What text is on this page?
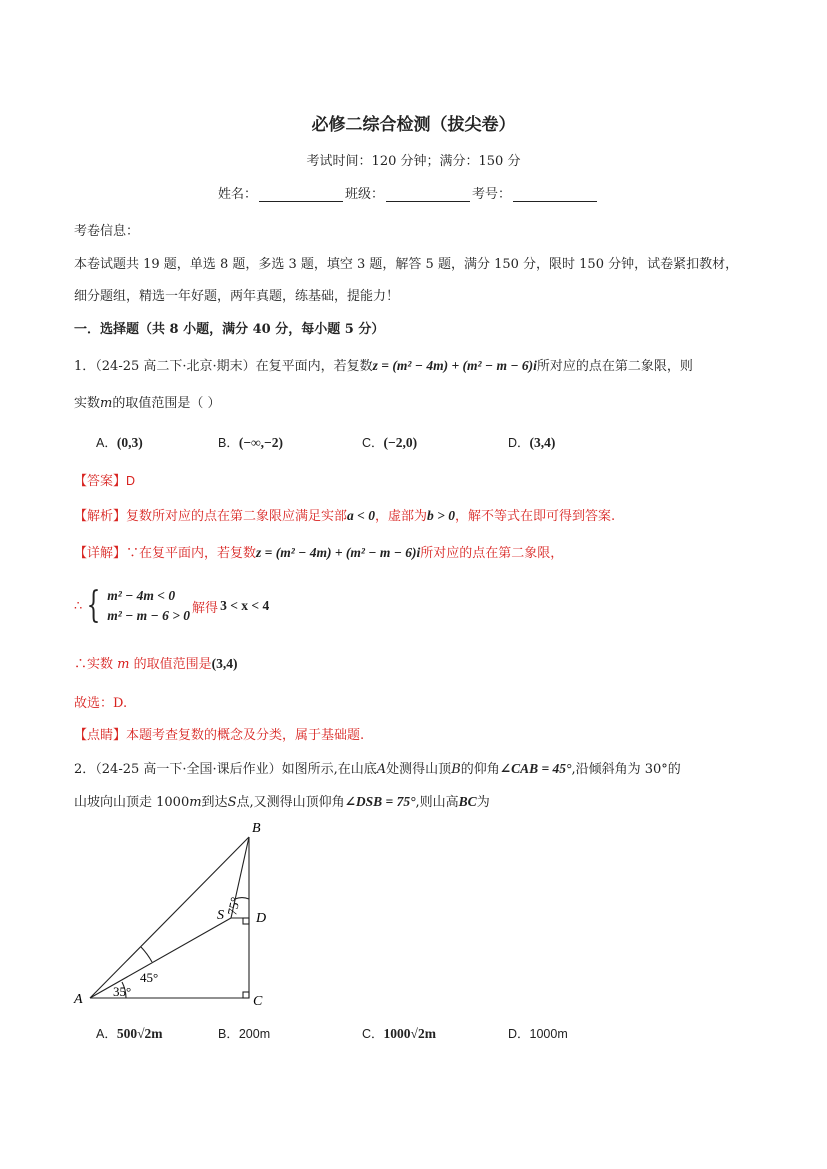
必修二综合检测（拔尖卷）
考试时间：120 分钟；满分：150 分
姓名：	班级：	考号：
考卷信息：
本卷试题共 19 题，单选 8 题，多选 3 题，填空 3 题，解答 5 题，满分 150 分，限时 150 分钟，试卷紧扣教材，
细分题组，精选一年好题，两年真题，练基础，提能力！
一．选择题（共 8 小题，满分 40 分，每小题 5 分）
1．（24-25 高二下·北京·期末）在复平面内，若复数z = (m² − 4m) + (m² − m − 6)i所对应的点在第二象限，则
实数m的取值范围是（ ）
A．(0,3)	B．(−∞,−2)	C．(−2,0)	D．(3,4)
【答案】D
【解析】复数所对应的点在第二象限应满足实部a < 0，虚部为b > 0，解不等式在即可得到答案.
【详解】∵在复平面内，若复数z = (m² − 4m) + (m² − m − 6)i所对应的点在第二象限，
∴ { m² − 4m < 0
m² − m − 6 > 0 解得 3 < x < 4
∴实数 m 的取值范围是(3,4)
故选：D.
【点睛】本题考查复数的概念及分类，属于基础题.
2．（24-25 高一下·全国·课后作业）如图所示,在山底A处测得山顶B的仰角∠CAB = 45°,沿倾斜角为 30°的
山坡向山顶走 1000m到达S点,又测得山顶仰角∠DSB = 75°,则山高BC为
B
S D
A	C
75°
45°
35°
A．500√2m	B．200m	C．1000√2m	D．1000m
